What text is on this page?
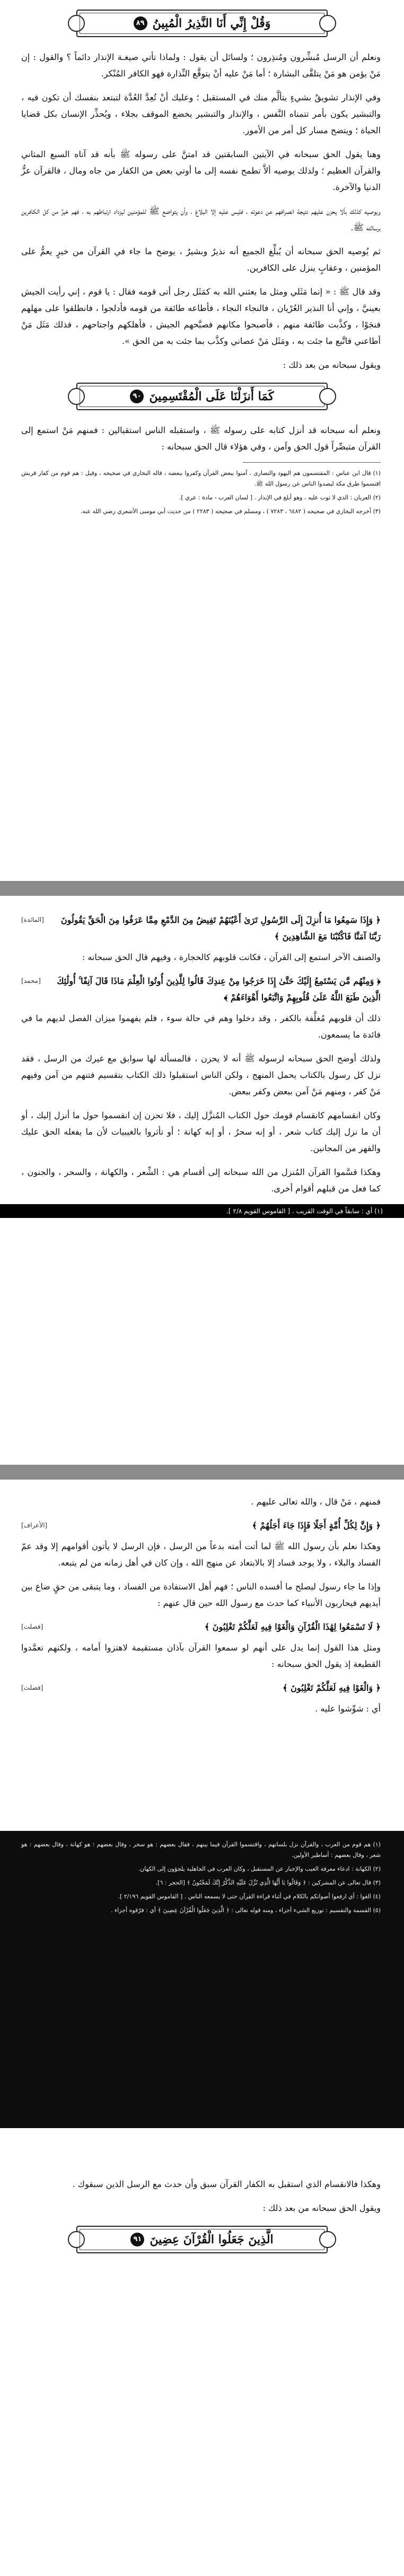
وَقُلْ إِنِّي أَنَا النَّذِيرُ الْمُبِينُ
٨٩

ونعلم أن الرسل مُبشِّرون ومُنذِرون ؛ ولسائل أن يقول : ولماذا تأتي صيغـة الإنذار دائماً ؟ والقول : إن مَنْ يؤمن هو مَنْ يتلقَّى البشارة ؛ أما مَنْ عليه أنْ يتوقَّع النِّذارة فهو الكافر المُنْكر.

وفي الإنذار تشويقٌ بشيءٍ يتألَّم منك في المستقبل ؛ وعليك أنْ تُعِدَّ العُدَّة لتبتعد بنفسك أن تكون فيه ، والتبشير يكون بأمر تتمناه النَّفس ، والإنذار والتبشير يخضع الموقف بجلاء ، ويُحذِّر الإنسان بكل قضايا الحياة ؛ ويتضح مسار كل أمر من الأمور.

وهنا يقول الحق سبحانه في الآيتين السابقتين قد امتنَّ على رسوله ﷺ بأنه قد آتاه السبع المثاني والقرآن العظيم ؛ ولذلك يوصيه ألاَّ تطمح نفسه إلى ما أوتي بعض من الكفار من جاه ومال ، فالقرآن عزُّ الدنيا والآخرة.

ويوصيه كذلك بألا يحزن عليهم نتيجة انصرافهم عن دعوته ، فليس عليه إلا البلاغ ، وأن يتواضع ﷺ للمؤمنين ليزداد ارتباطهم به ، فهم خيرٌ من كل الكافرين برسالته ﷺ.

ثم يُوصيه الحق سبحانه أن يُبلِّغ الجميع أنه نذيرٌ وبشيرٌ ، يوضح ما جاء في القرآن من خيرٍ يعمُّ على المؤمنين ، وعقابٍ ينزل على الكافرين.

وقد قال ﷺ : « إنما مَثَلي ومثل ما بعثني الله به كمَثَل رجل أتى قومه فقال : يا قوم ، إني رأيت الجيش بعينيَّ ، وإني أنا النذير العُرْيان ، فالنجاء النجاء ، فأطاعه طائفة من قومه فأدلجوا ، فانطلقوا على مهلهم فنجَوْا ، وكذَّبت طائفة منهم ، فأصبحوا مكانهم فصبَّحهم الجيش ، فأهلكهم واجتاحهم ، فذلك مَثَل مَنْ أطاعني فاتَّبع ما جئت به ، ومَثَل مَنْ عصاني وكذَّب بما جئت به من الحق ».

ويقول سبحانه من بعد ذلك :

كَمَا أَنزَلْنَا عَلَى الْمُقْتَسِمِينَ
٩٠

ونعلم أنه سبحانه قد أنزل كتابه على رسوله ﷺ ، واستقبله الناس استقبالين : فمنهم مَنْ استمع إلى القرآن متبصِّراً قول الحق وآمن ، وفي هؤلاء قال الحق سبحانه :

(١) قال ابن عباس : المقتسمون هم اليهود والنصارى ، آمنوا ببعض القرآن وكفروا ببعضه ، قاله البخاري في صحيحه ، وقيل : هم قوم من كفار قريش اقتسموا طرق مكة ليصدوا الناس عن رسول الله ﷺ.

(٢) العريان : الذي لا ثوب عليه ، وهو أبلغ في الإنذار . [ لسان العرب - مادة : عري ].

(٣) أخرجه البخاري في صحيحه ( ٦٤٨٢ ، ٧٢٨٣ ) ، ومسلم في صحيحه ( ٢٢٨٣ ) من حديث أبي موسى الأشعري رضي الله عنه.

﴿ وَإِذَا سَمِعُوا مَا أُنزِلَ إِلَى الرَّسُولِ تَرَىٰ أَعْيُنَهُمْ تَفِيضُ مِنَ الدَّمْعِ مِمَّا عَرَفُوا مِنَ الْحَقِّ يَقُولُونَ رَبَّنَا آمَنَّا فَاكْتُبْنَا مَعَ الشَّاهِدِينَ ﴾
[المائدة]

والصنف الآخر استمع إلى القرآن ، فكانت قلوبهم كالحجارة ، وفيهم قال الحق سبحانه :

﴿ وَمِنْهُم مَّن يَسْتَمِعُ إِلَيْكَ حَتَّىٰ إِذَا خَرَجُوا مِنْ عِندِكَ قَالُوا لِلَّذِينَ أُوتُوا الْعِلْمَ مَاذَا قَالَ آنِفًا ۚ أُولَٰئِكَ الَّذِينَ طَبَعَ اللَّهُ عَلَىٰ قُلُوبِهِمْ وَاتَّبَعُوا أَهْوَاءَهُمْ ﴾
[محمد]

ذلك أن قلوبهم مُغلَّفة بالكفر ، وقد دخلوا وهم في حالة سوء ، فلم يفهموا ميزان الفصل لديهم ما في فائدة ما يسمعون.

ولذلك أوضح الحق سبحانه لرسوله ﷺ أنه لا يحزن ، فالمسألة لها سوابق مع غيرك من الرسل ، فقد نزل كل رسول بالكتاب يحمل المنهج ، ولكن الناس استقبلوا ذلك الكتاب بتقسيم فتنهم من آمن وفيهم مَنْ كفر ، ومنهم مَنْ آمن ببعض وكفر ببعض.

وكان انقسامهم كانقسام قومك حول الكتاب المُنزَّل إليك ، فلا تحزن إن انقسموا حول ما أنزل إليك ، أو أن ما نزل إليك كتاب شعر ، أو إنه سحرٌ ، أو إنه كهانة ؛ أو تأثروا بالغيبيات لأن ما يفعله الحق عليك والقهر من المجانين.

وهكذا قسَّموا القرآن المُنزل من الله سبحانه إلى أقسام هي : الشِّعر ، والكهانة ، والسحر ، والجنون ، كما فعل من قبلهم أقوام أخرى.

(١) أي : سابقاً في الوقت القريب . [ القاموس القويم ٢/٨ ].

فمنهم ، مَنْ قال ، والله تعالى عليهم .

﴿ وَإِنَّ لِكُلِّ أُمَّةٍ أَجَلًا فَإِذَا جَاءَ أَجَلُهُمْ ﴾
[الأعراف]

وهكذا نعلم بأن رسول الله ﷺ لما أتت أمته بدعاً من الرسل ، فإن الرسل لا يأتون أقوامهم إلا وقد عمّ الفساد والبلاء ، ولا يوجد فساد إلا بالابتعاد عن منهج الله ، وإن كان في أهل زمانه من لم يتبعه.

وإذا ما جاء رسول ليصلح ما أفسده الناس ؛ فهم أهل الاستفادة من الفساد ، وما يتبقى من حقٍ ضاع بين أيديهم فيحاربون الأنبياء كما حدث مع رسول الله حين قال عنهم :

﴿ لَا تَسْمَعُوا لِهَٰذَا الْقُرْآنِ وَالْغَوْا فِيهِ لَعَلَّكُمْ تَغْلِبُونَ ﴾
[فصلت]

ومثل هذا القول إنما يدل على أنهم لو سمعوا القرآن بآذان مستقيمة لاهتزوا أمامه ، ولكنهم تعمَّدوا القطيعة إذ يقول الحق سبحانه :

﴿ وَالْغَوْا فِيهِ لَعَلَّكُمْ تَغْلِبُونَ ﴾
[فصلت]

أي : شوِّشوا عليه .

(١) هم قوم من العرب ، والقرآن نزل بلسانهم ، واقتسموا القرآن فيما بينهم ، فقال بعضهم : هو سحر ، وقال بعضهم : هو كهانة ، وقال بعضهم : هو شعر ، وقال بعضهم : أساطير الأولين.

(٢) الكهانة : ادعاء معرفة الغيب والإخبار عن المستقبل ، وكان العرب في الجاهلية يلجؤون إلى الكهان.

(٣) قال تعالى عن المشركين : ﴿ وَقَالُوا يَا أَيُّهَا الَّذِي نُزِّلَ عَلَيْهِ الذِّكْرُ إِنَّكَ لَمَجْنُونٌ ﴾ [الحجر : ٦].

(٤) الغوا : أي ارفعوا أصواتكم بالكلام في أثناء قراءة القرآن حتى لا يسمعه الناس . [ القاموس القويم ٢/١٩٦ ].

(٥) القسمة والتقسيم : توزيع الشيء أجزاء ، ومنه قوله تعالى : ﴿ الَّذِينَ جَعَلُوا الْقُرْآنَ عِضِينَ ﴾ أي : فرّقوه أجزاء .

وهكذا فالانقسام الذي استقبل به الكفار القرآن سبق وأن حدث مع الرسل الذين سبقوك .

ويقول الحق سبحانه من بعد ذلك :

الَّذِينَ جَعَلُوا الْقُرْآنَ عِضِينَ
٩١
